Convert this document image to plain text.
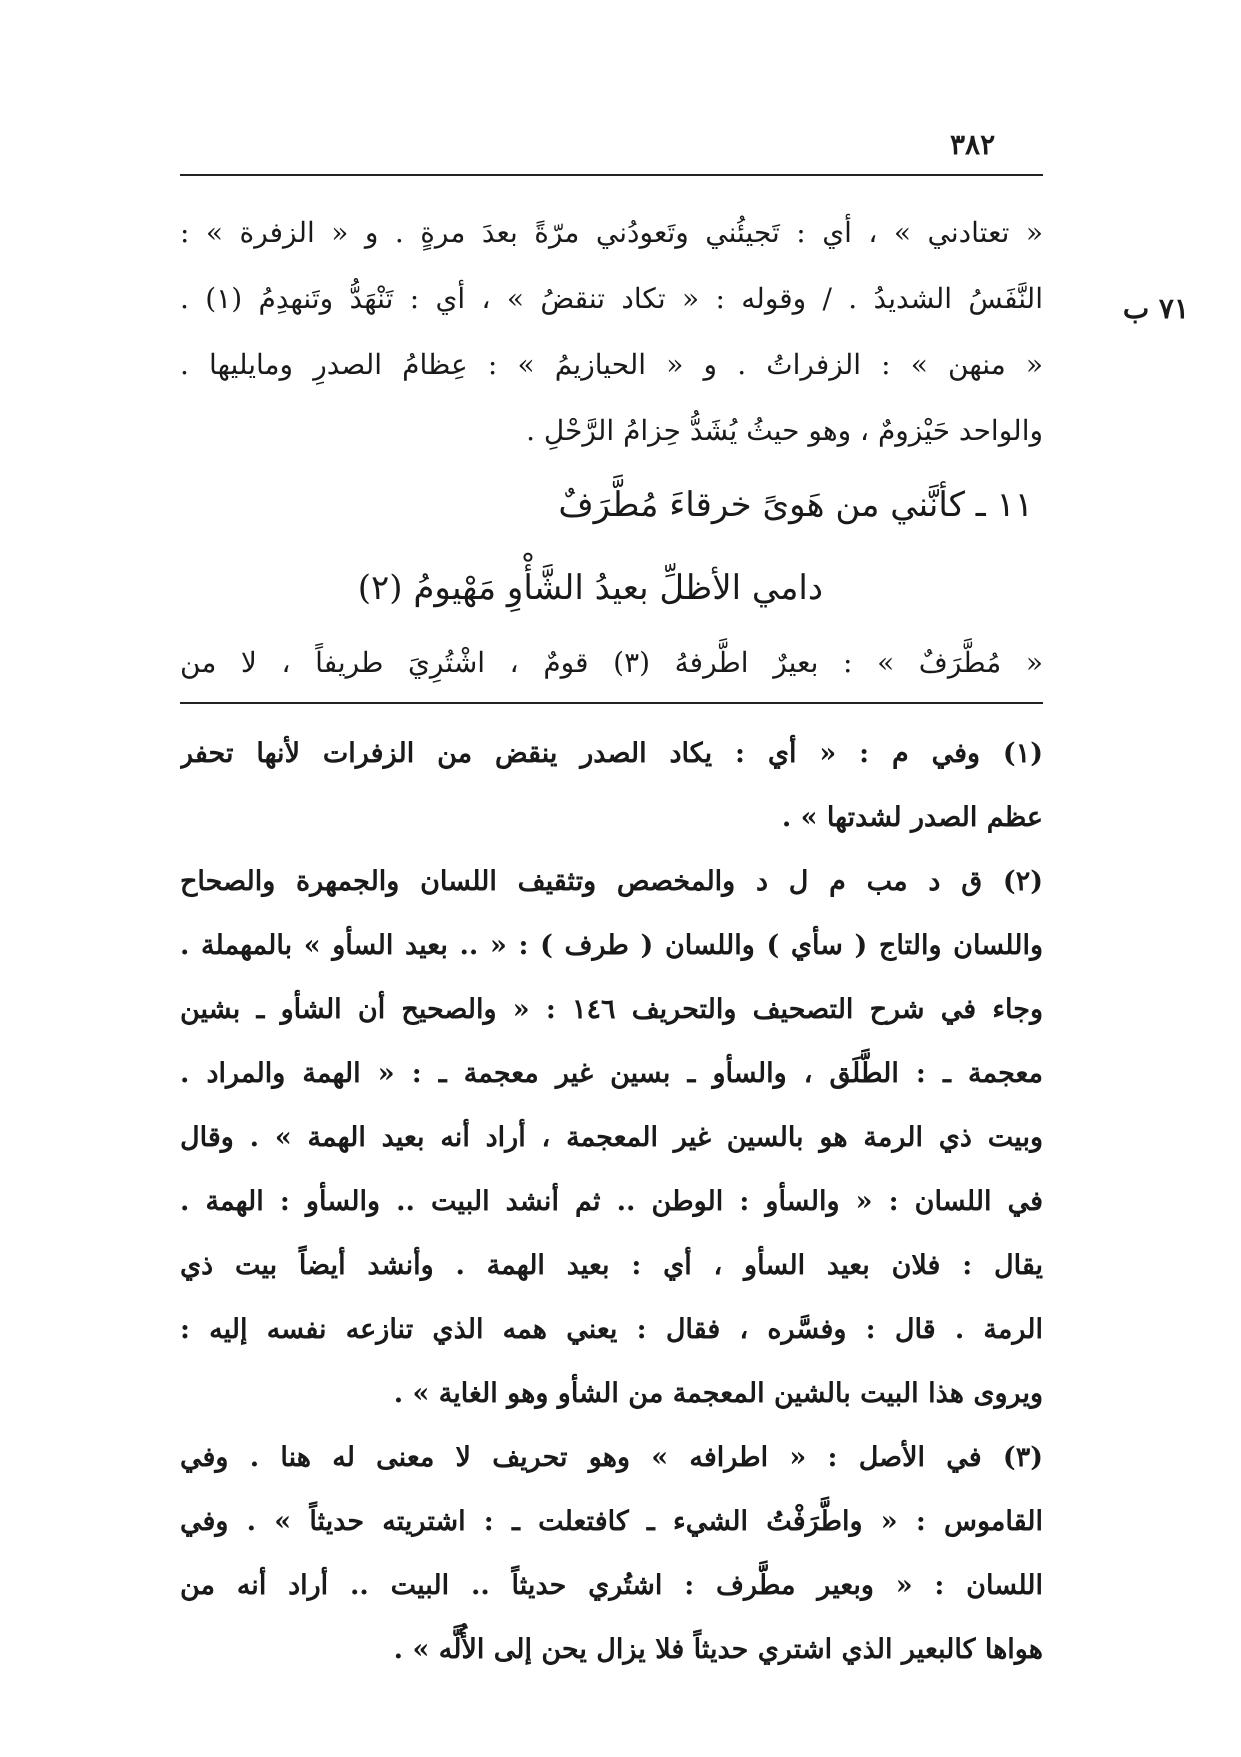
٣٨٢
٧١ ب
« تعتادني » ، أي : تَجيئُني وتَعودُني مرّةً بعدَ مرةٍ . و « الزفرة » :
النَّفَسُ الشديدُ . / وقوله : « تكاد تنقضُ » ، أي : تَنْهَدُّ وتَنهدِمُ (١) .
« منهن » : الزفراتُ . و « الحيازيمُ » : عِظامُ الصدرِ ومايليها .
والواحد حَيْزومٌ ، وهو حيثُ يُشَدُّ حِزامُ الرَّحْلِ .
١١ ـ كأنَّني من هَوىً خرقاءَ مُطَّرَفٌ
دامي الأظلِّ بعيدُ الشَّأْوِ مَهْيومُ (٢)
« مُطَّرَفٌ » : بعيرٌ اطَّرفهُ (٣) قومٌ ، اشْتُرِيَ طريفاً ، لا من
(١) وفي م : « أي : يكاد الصدر ينقض من الزفرات لأنها تحفر
عظم الصدر لشدتها » .
(٢) ق د مب م ل د والمخصص وتثقيف اللسان والجمهرة والصحاح
واللسان والتاج ( سأي ) واللسان ( طرف ) : « .. بعيد السأو » بالمهملة .
وجاء في شرح التصحيف والتحريف ١٤٦ : « والصحيح أن الشأو ـ بشين
معجمة ـ : الطَّلَق ، والسأو ـ بسين غير معجمة ـ : « الهمة والمراد .
وبيت ذي الرمة هو بالسين غير المعجمة ، أراد أنه بعيد الهمة » . وقال
في اللسان : « والسأو : الوطن .. ثم أنشد البيت .. والسأو : الهمة .
يقال : فلان بعيد السأو ، أي : بعيد الهمة . وأنشد أيضاً بيت ذي
الرمة . قال : وفسَّره ، فقال : يعني همه الذي تنازعه نفسه إليه :
ويروى هذا البيت بالشين المعجمة من الشأو وهو الغاية » .
(٣) في الأصل : « اطرافه » وهو تحريف لا معنى له هنا . وفي
القاموس : « واطَّرَفْتُ الشيء ـ كافتعلت ـ : اشتريته حديثاً » . وفي
اللسان : « وبعير مطَّرف : اشتُري حديثاً .. البيت .. أراد أنه من
هواها كالبعير الذي اشتري حديثاً فلا يزال يحن إلى الأُلَّه » .
